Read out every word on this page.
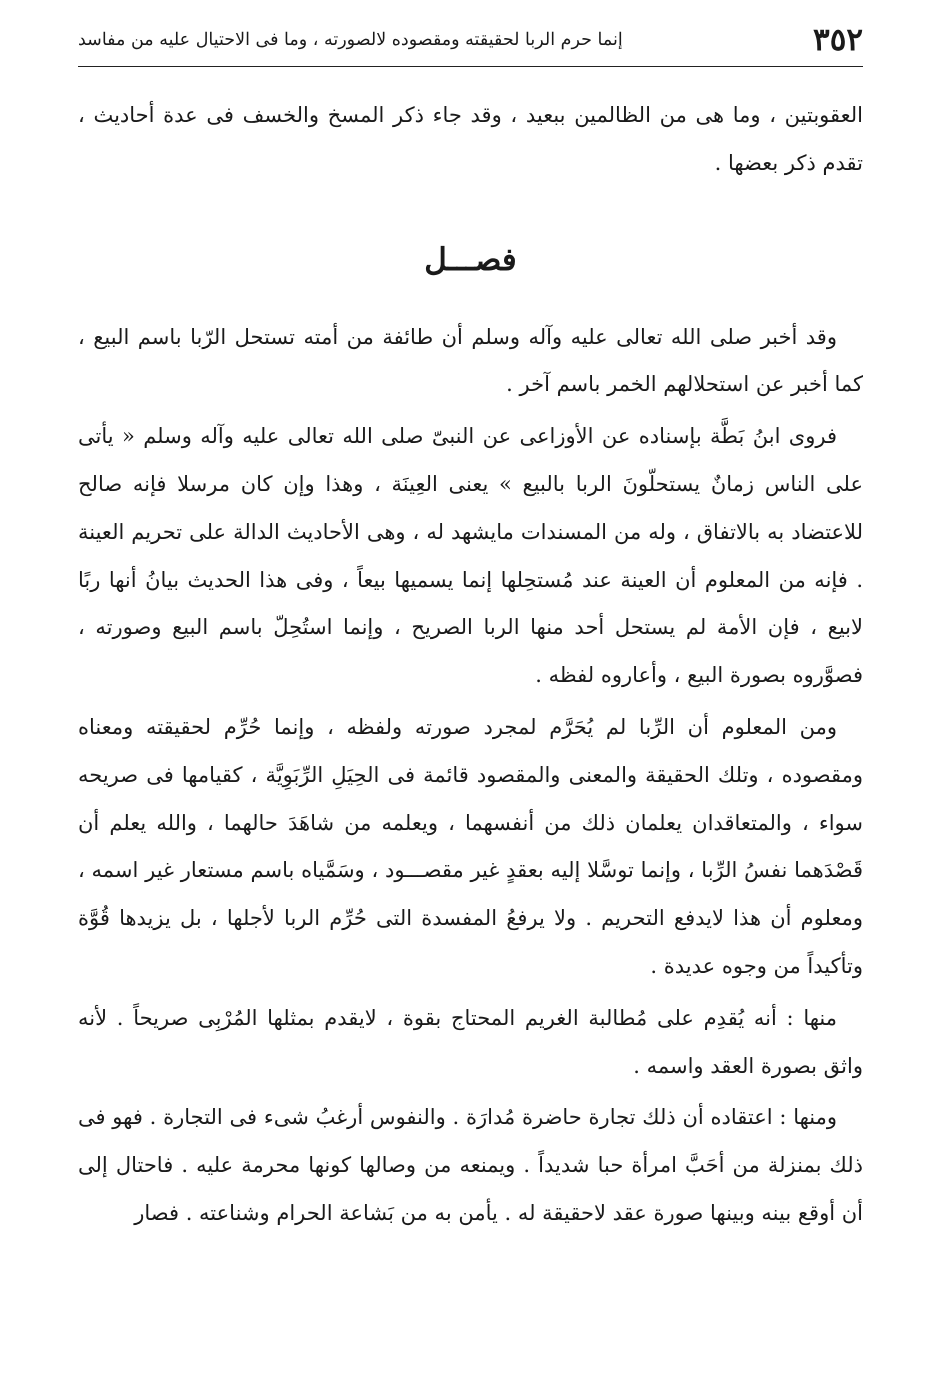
٣٥٢
إنما حرم الربا لحقيقته ومقصوده لالصورته ، وما فى الاحتيال عليه من مفاسد

العقوبتين ، وما هى من الظالمين ببعيد ، وقد جاء ذكر المسخ والخسف فى عدة أحاديث ، تقدم ذكر بعضها .

فصـــل

وقد أخبر صلى الله تعالى عليه وآله وسلم أن طائفة من أمته تستحل الرّبا باسم البيع ، كما أخبر عن استحلالهم الخمر باسم آخر .

فروى ابنُ بَطَّة بإسناده عن الأوزاعى عن النبىّ صلى الله تعالى عليه وآله وسلم « يأتى على الناس زمانٌ يستحلّونَ الربا بالبيع » يعنى العِينَة ، وهذا وإن كان مرسلا فإنه صالح للاعتضاد به بالاتفاق ، وله من المسندات مايشهد له ، وهى الأحاديث الدالة على تحريم العينة . فإنه من المعلوم أن العينة عند مُستحِلها إنما يسميها بيعاً ، وفى هذا الحديث بيانُ أنها ربًا لابيع ، فإن الأمة لم يستحل أحد منها الربا الصريح ، وإنما استُحِلّ باسم البيع وصورته ، فصوَّروه بصورة البيع ، وأعاروه لفظه .

ومن المعلوم أن الرِّبا لم يُحَرَّم لمجرد صورته ولفظه ، وإنما حُرِّم لحقيقته ومعناه ومقصوده ، وتلك الحقيقة والمعنى والمقصود قائمة فى الحِيَلِ الرِّبَوِيَّة ، كقيامها فى صريحه سواء ، والمتعاقدان يعلمان ذلك من أنفسهما ، ويعلمه من شاهَدَ حالهما ، والله يعلم أن قَصْدَهما نفسُ الرِّبا ، وإنما توسَّلا إليه بعقدٍ غير مقصـــود ، وسَمَّياه باسم مستعار غير اسمه ، ومعلوم أن هذا لايدفع التحريم . ولا يرفعُ المفسدة التى حُرِّم الربا لأجلها ، بل يزيدها قُوَّة وتأكيداً من وجوه عديدة .

منها : أنه يُقدِم على مُطالبة الغريم المحتاج بقوة ، لايقدم بمثلها المُرْبِى صريحاً . لأنه واثق بصورة العقد واسمه .

ومنها : اعتقاده أن ذلك تجارة حاضرة مُدارَة . والنفوس أرغبُ شىء فى التجارة . فهو فى ذلك بمنزلة من أحَبَّ امرأة حبا شديداً . ويمنعه من وصالها كونها محرمة عليه . فاحتال إلى أن أوقع بينه وبينها صورة عقد لاحقيقة له . يأمن به من بَشاعة الحرام وشناعته . فصار
